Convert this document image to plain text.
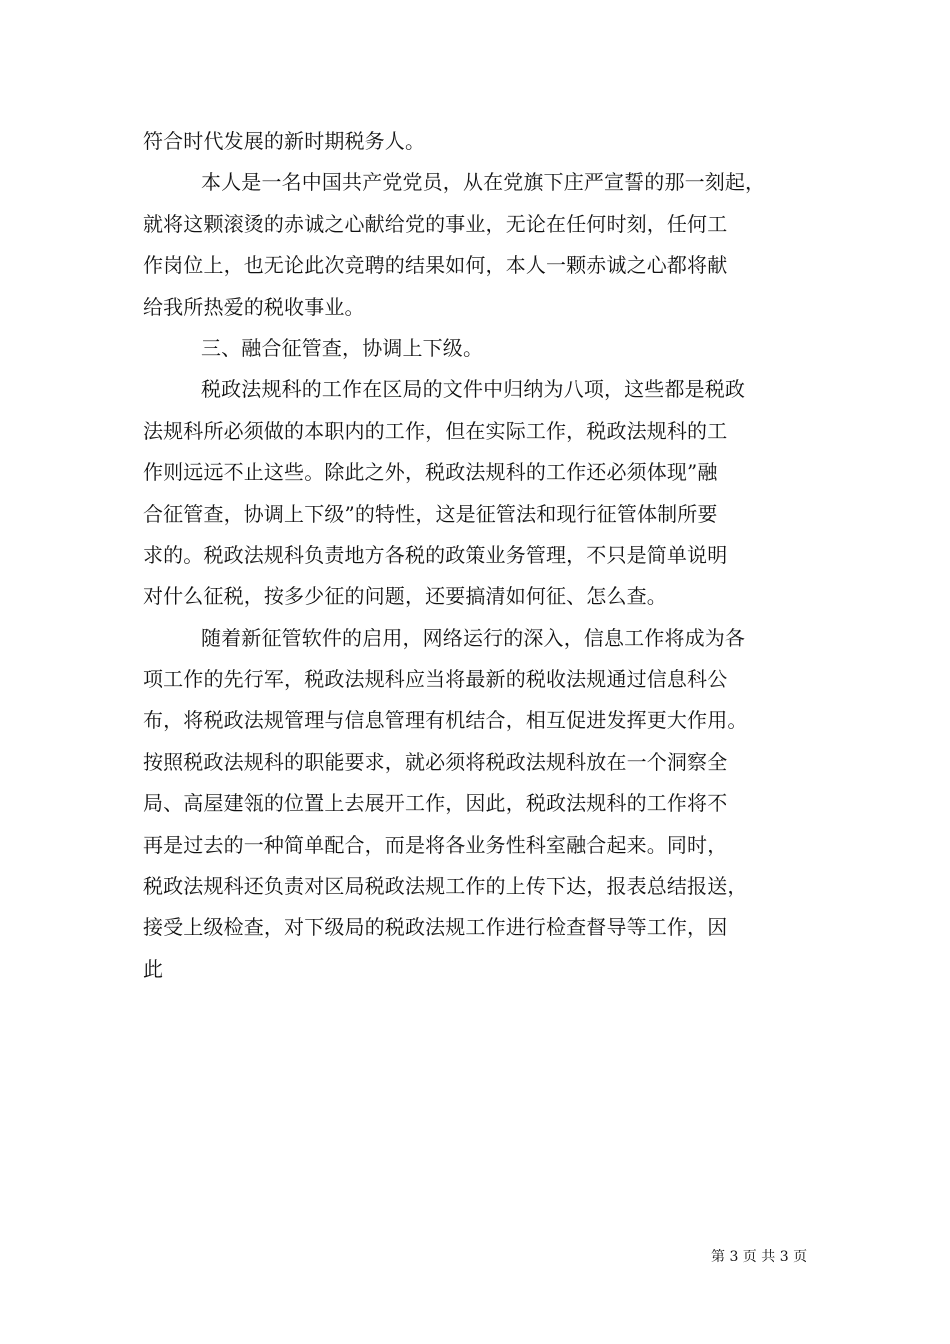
符合时代发展的新时期税务人。
本人是一名中国共产党党员，从在党旗下庄严宣誓的那一刻起，
就将这颗滚烫的赤诚之心献给党的事业，无论在任何时刻，任何工
作岗位上，也无论此次竞聘的结果如何，本人一颗赤诚之心都将献
给我所热爱的税收事业。
三、融合征管查，协调上下级。
税政法规科的工作在区局的文件中归纳为八项，这些都是税政
法规科所必须做的本职内的工作，但在实际工作，税政法规科的工
作则远远不止这些。除此之外，税政法规科的工作还必须体现”融
合征管查，协调上下级”的特性，这是征管法和现行征管体制所要
求的。税政法规科负责地方各税的政策业务管理，不只是简单说明
对什么征税，按多少征的问题，还要搞清如何征、怎么查。
随着新征管软件的启用，网络运行的深入，信息工作将成为各
项工作的先行军，税政法规科应当将最新的税收法规通过信息科公
布，将税政法规管理与信息管理有机结合，相互促进发挥更大作用。
按照税政法规科的职能要求，就必须将税政法规科放在一个洞察全
局、高屋建瓴的位置上去展开工作，因此，税政法规科的工作将不
再是过去的一种简单配合，而是将各业务性科室融合起来。同时，
税政法规科还负责对区局税政法规工作的上传下达，报表总结报送，
接受上级检查，对下级局的税政法规工作进行检查督导等工作，因
此
第 3 页 共 3 页
